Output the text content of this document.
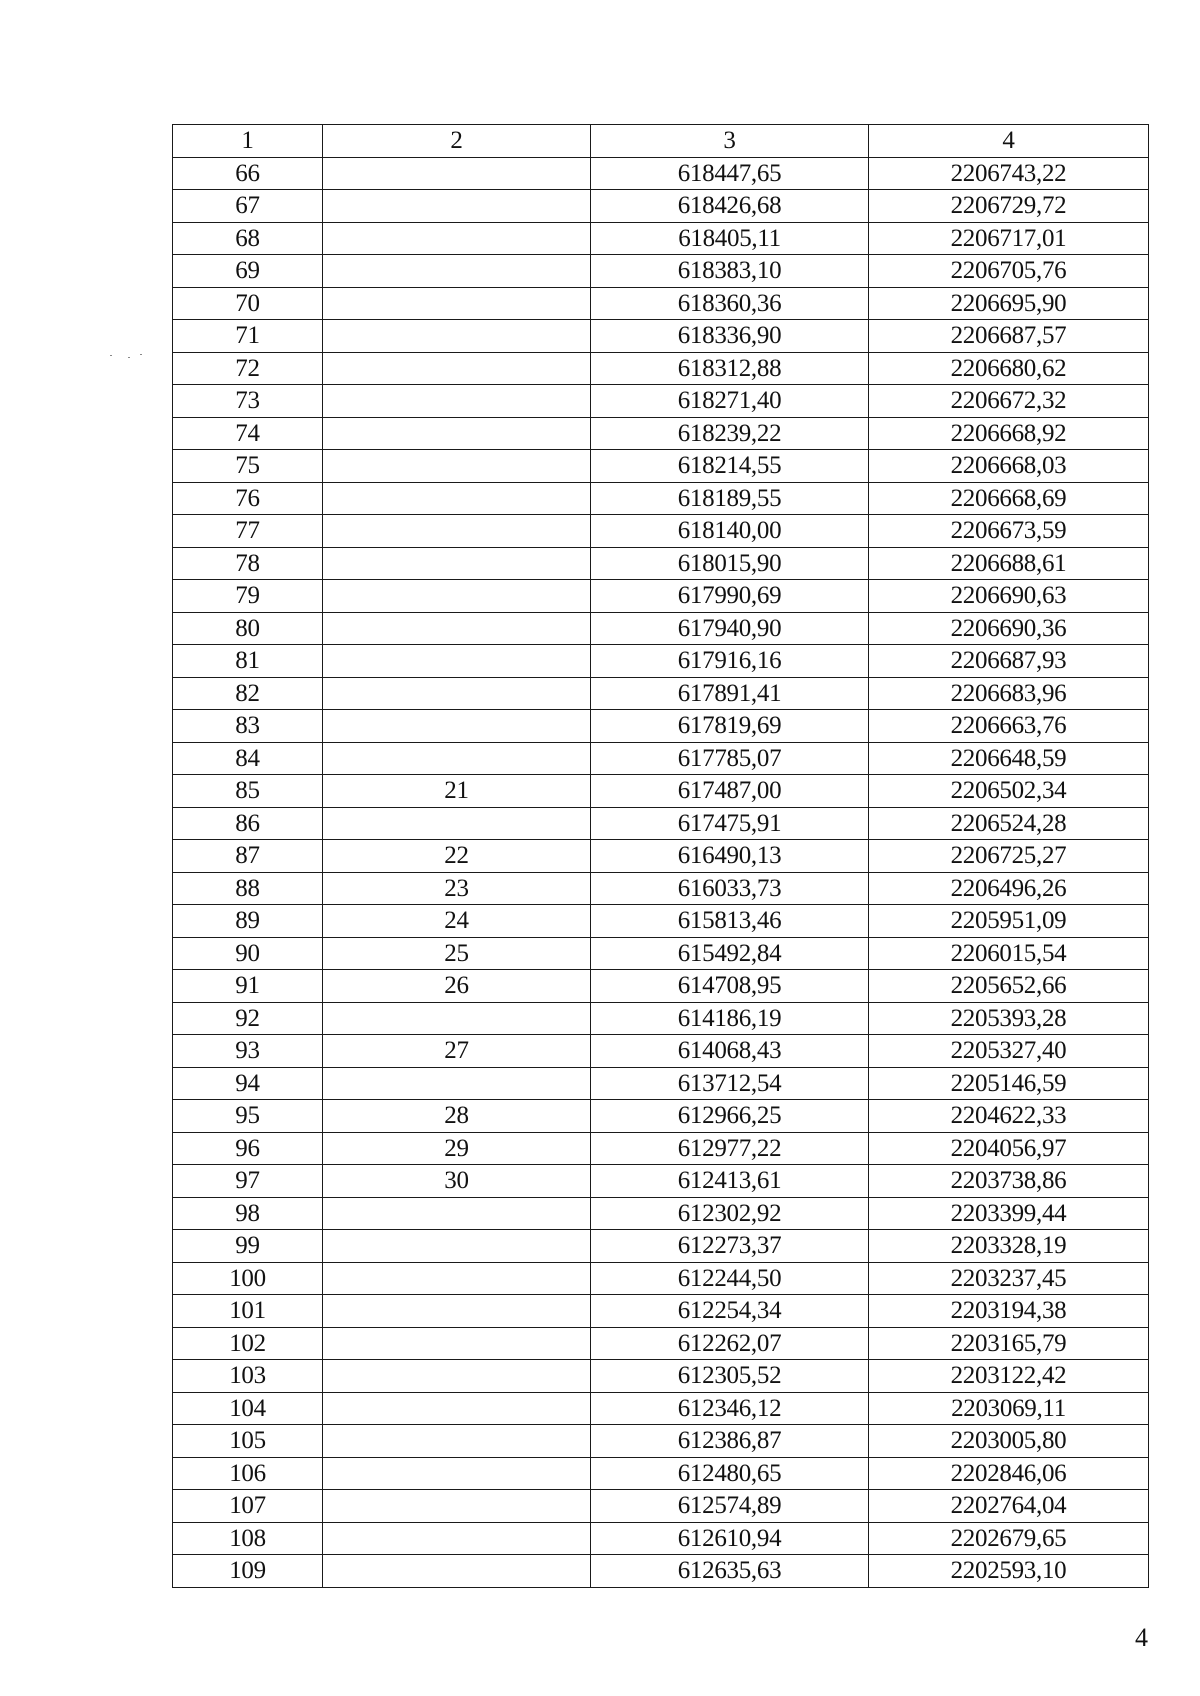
1	2	3	4
66		618447,65	2206743,22
67		618426,68	2206729,72
68		618405,11	2206717,01
69		618383,10	2206705,76
70		618360,36	2206695,90
71		618336,90	2206687,57
72		618312,88	2206680,62
73		618271,40	2206672,32
74		618239,22	2206668,92
75		618214,55	2206668,03
76		618189,55	2206668,69
77		618140,00	2206673,59
78		618015,90	2206688,61
79		617990,69	2206690,63
80		617940,90	2206690,36
81		617916,16	2206687,93
82		617891,41	2206683,96
83		617819,69	2206663,76
84		617785,07	2206648,59
85	21	617487,00	2206502,34
86		617475,91	2206524,28
87	22	616490,13	2206725,27
88	23	616033,73	2206496,26
89	24	615813,46	2205951,09
90	25	615492,84	2206015,54
91	26	614708,95	2205652,66
92		614186,19	2205393,28
93	27	614068,43	2205327,40
94		613712,54	2205146,59
95	28	612966,25	2204622,33
96	29	612977,22	2204056,97
97	30	612413,61	2203738,86
98		612302,92	2203399,44
99		612273,37	2203328,19
100		612244,50	2203237,45
101		612254,34	2203194,38
102		612262,07	2203165,79
103		612305,52	2203122,42
104		612346,12	2203069,11
105		612386,87	2203005,80
106		612480,65	2202846,06
107		612574,89	2202764,04
108		612610,94	2202679,65
109		612635,63	2202593,10
4
